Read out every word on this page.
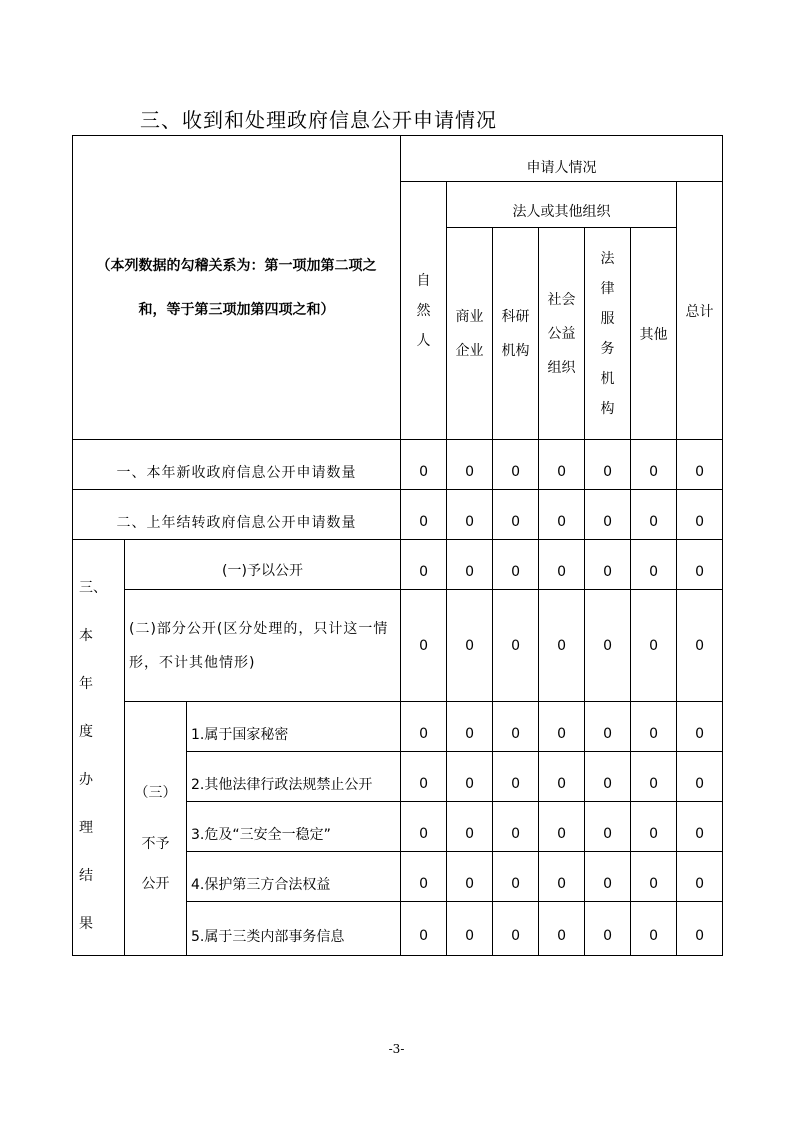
三、收到和处理政府信息公开申请情况
（本列数据的勾稽关系为：第一项加第二项之
和，等于第三项加第四项之和）			申请人情况						
			自然人	法人或其他组织					总计
				商业企业	科研机构	社会公益组织	法律服务机构	其他	
一、本年新收政府信息公开申请数量			0	0	0	0	0	0	0
二、上年结转政府信息公开申请数量			0	0	0	0	0	0	0

三、本年度办理结果	(一)予以公开		0	0	0	0	0	0	0
	(二)部分公开(区分处理的，只计这一情形，不计其他情形)		0	0	0	0	0	0	0

	（三）
不予
公开	1.属于国家秘密	0	0	0	0	0	0	0
		2.其他法律行政法规禁止公开	0	0	0	0	0	0	0
		3.危及“三安全一稳定”	0	0	0	0	0	0	0
		4.保护第三方合法权益	0	0	0	0	0	0	0
		5.属于三类内部事务信息	0	0	0	0	0	0	0
-3-
